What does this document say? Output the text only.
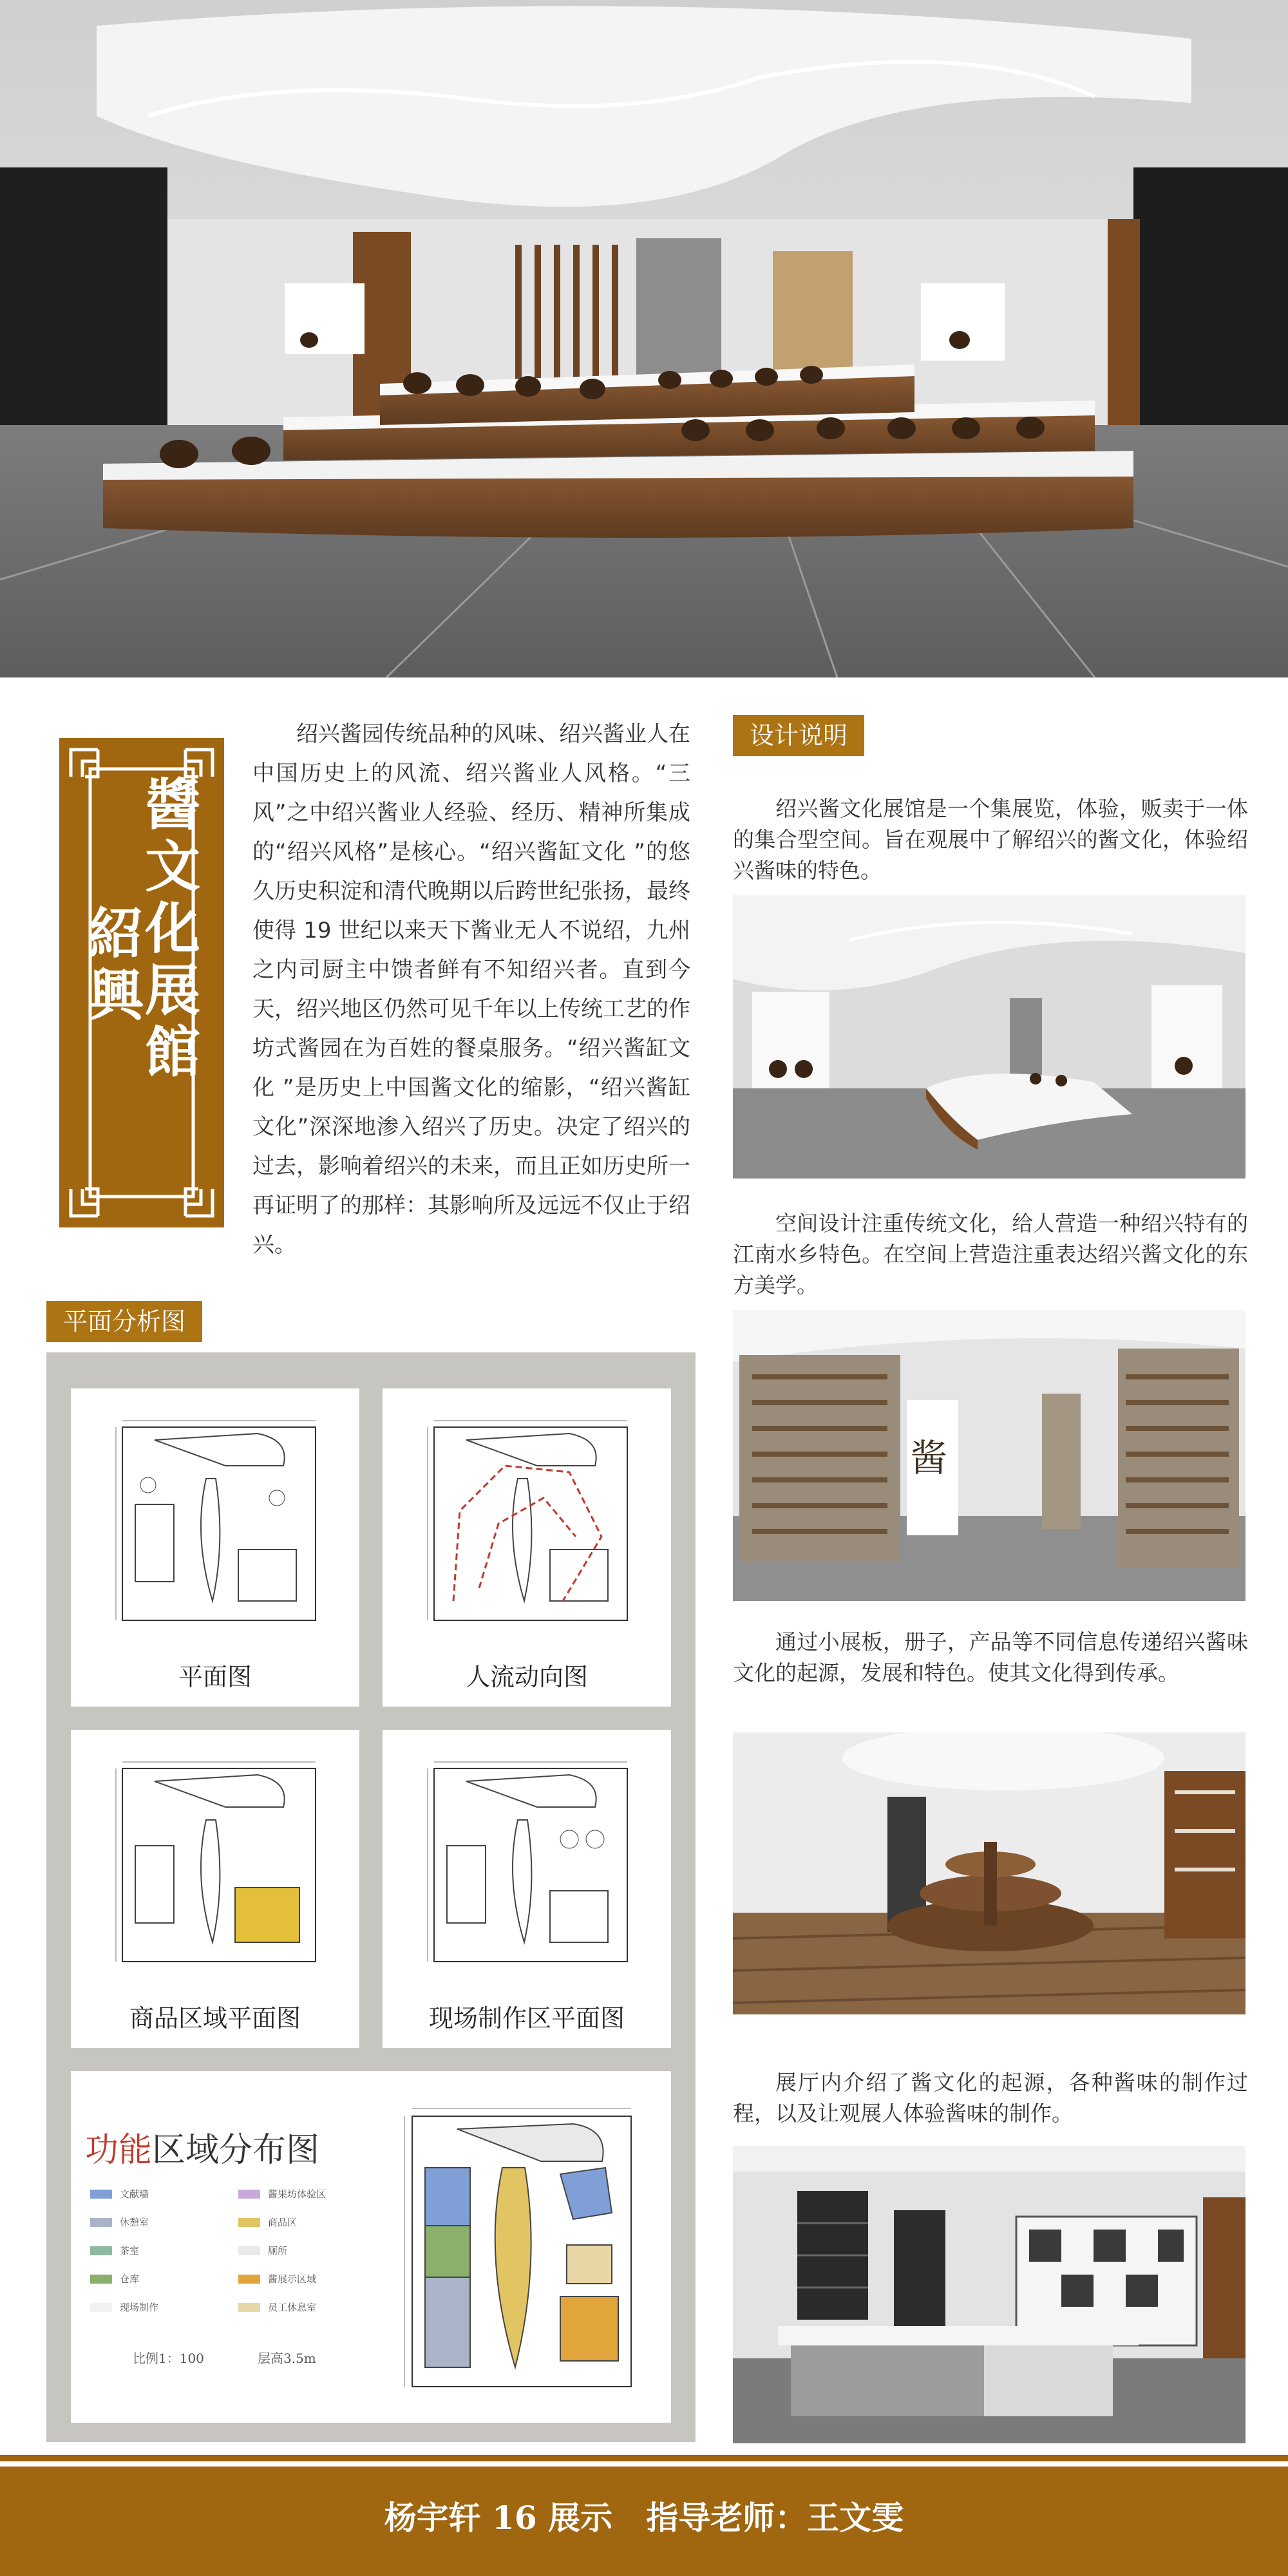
醬文化展館
紹興

绍兴酱园传统品种的风味、绍兴酱业人在中国历史上的风流、绍兴酱业人风格。“三风”之中绍兴酱业人经验、经历、精神所集成的“绍兴风格”是核心。“绍兴酱缸文化 ”的悠久历史积淀和清代晚期以后跨世纪张扬，最终使得 19 世纪以来天下酱业无人不说绍，九州之内司厨主中馈者鲜有不知绍兴者。直到今天，绍兴地区仍然可见千年以上传统工艺的作坊式酱园在为百姓的餐桌服务。“绍兴酱缸文化 ”是历史上中国酱文化的缩影，“绍兴酱缸文化”深深地渗入绍兴了历史。决定了绍兴的过去，影响着绍兴的未来，而且正如历史所一再证明了的那样：其影响所及远远不仅止于绍兴。

设计说明

绍兴酱文化展馆是一个集展览，体验，贩卖于一体的集合型空间。旨在观展中了解绍兴的酱文化，体验绍兴酱味的特色。

空间设计注重传统文化，给人营造一种绍兴特有的江南水乡特色。在空间上营造注重表达绍兴酱文化的东方美学。

酱

通过小展板，册子，产品等不同信息传递绍兴酱味文化的起源，发展和特色。使其文化得到传承。

展厅内介绍了酱文化的起源，各种酱味的制作过程，以及让观展人体验酱味的制作。

平面分析图
平面图	人流动向图
商品区域平面图	现场制作区平面图
功能区域分布图
文献墙	酱果坊体验区
休憩室	商品区
茶室	厕所
仓库	酱展示区域
现场制作	员工休息室
比例1：100	层高3.5m
杨宇轩 16 展示   指导老师：王文雯
